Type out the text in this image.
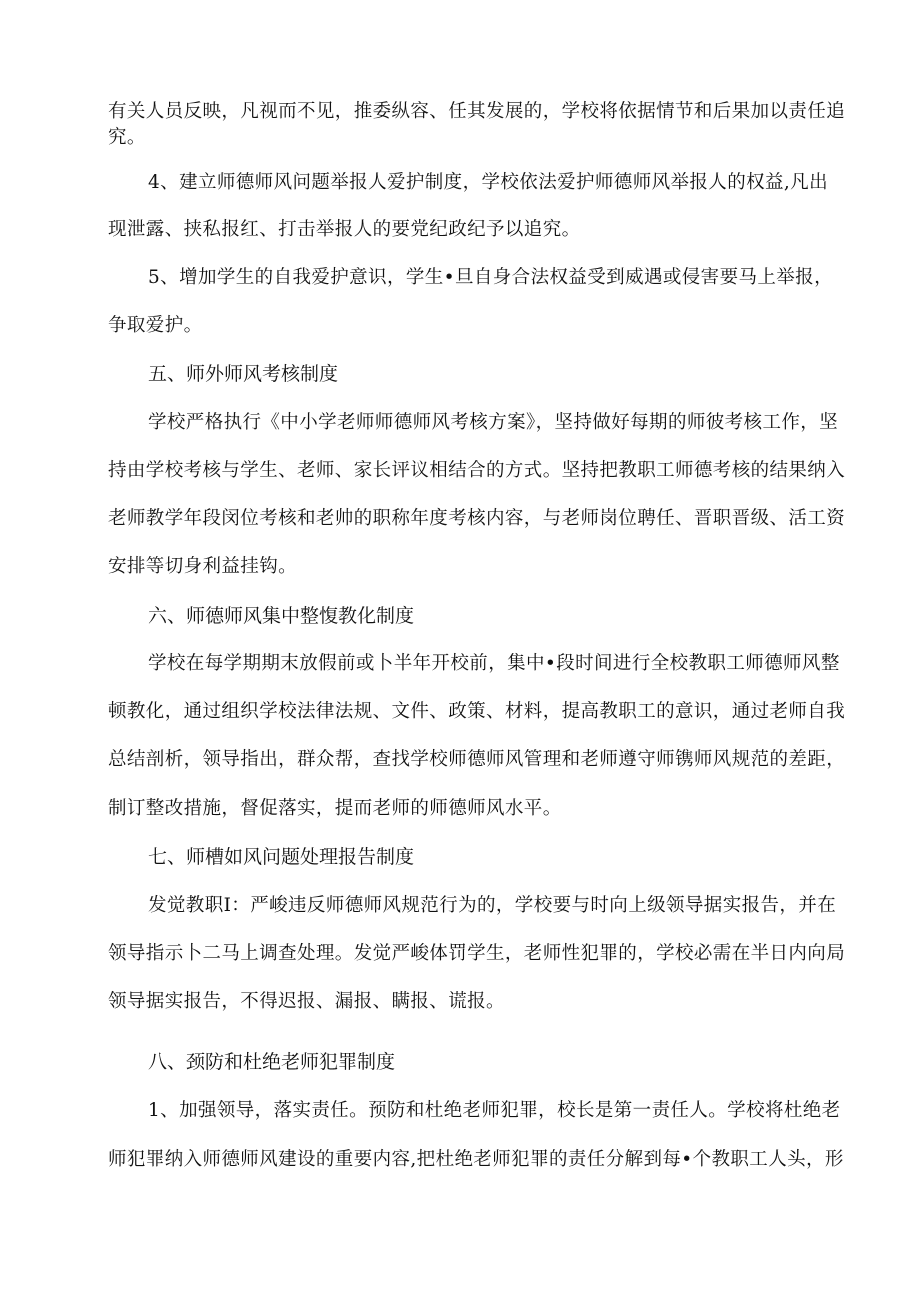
有关人员反映，凡视而不见，推委纵容、任其发展的，学校将依据情节和后果加以责任追
究。
4、建立师德师风问题举报人爱护制度，学校依法爱护师德师风举报人的权益,凡出
现泄露、挟私报红、打击举报人的要党纪政纪予以追究。
5、增加学生的自我爱护意识，学生•旦自身合法权益受到威遇或侵害要马上举报，
争取爱护。
五、师外师风考核制度
学校严格执行《中小学老师师德师风考核方案》，坚持做好每期的师彼考核工作，坚
持由学校考核与学生、老师、家长评议相结合的方式。坚持把教职工师德考核的结果纳入
老师教学年段闵位考核和老帅的职称年度考核内容，与老师岗位聘任、晋职晋级、活工资
安排等切身利益挂钩。
六、师德师风集中整愎教化制度
学校在每学期期末放假前或卜半年开校前，集中•段时间进行全校教职工师德师风整
顿教化，通过组织学校法律法规、文件、政策、材料，提高教职工的意识，通过老师自我
总结剖析，领导指出，群众帮，查找学校师德师风管理和老师遵守师镌师风规范的差距，
制订整改措施，督促落实，提而老师的师德师风水平。
七、师槽如风问题处理报告制度
发觉教职I：严峻违反师德师风规范行为的，学校要与时向上级领导据实报告，并在
领导指示卜二马上调查处理。发觉严峻体罚学生，老师性犯罪的，学校必需在半日内向局
领导据实报告，不得迟报、漏报、瞒报、谎报。
八、颈防和杜绝老师犯罪制度
1、加强领导，落实责任。预防和杜绝老师犯罪，校长是第一责任人。学校将杜绝老
师犯罪纳入师德师风建设的重要内容,把杜绝老师犯罪的责任分解到每•个教职工人头，形
